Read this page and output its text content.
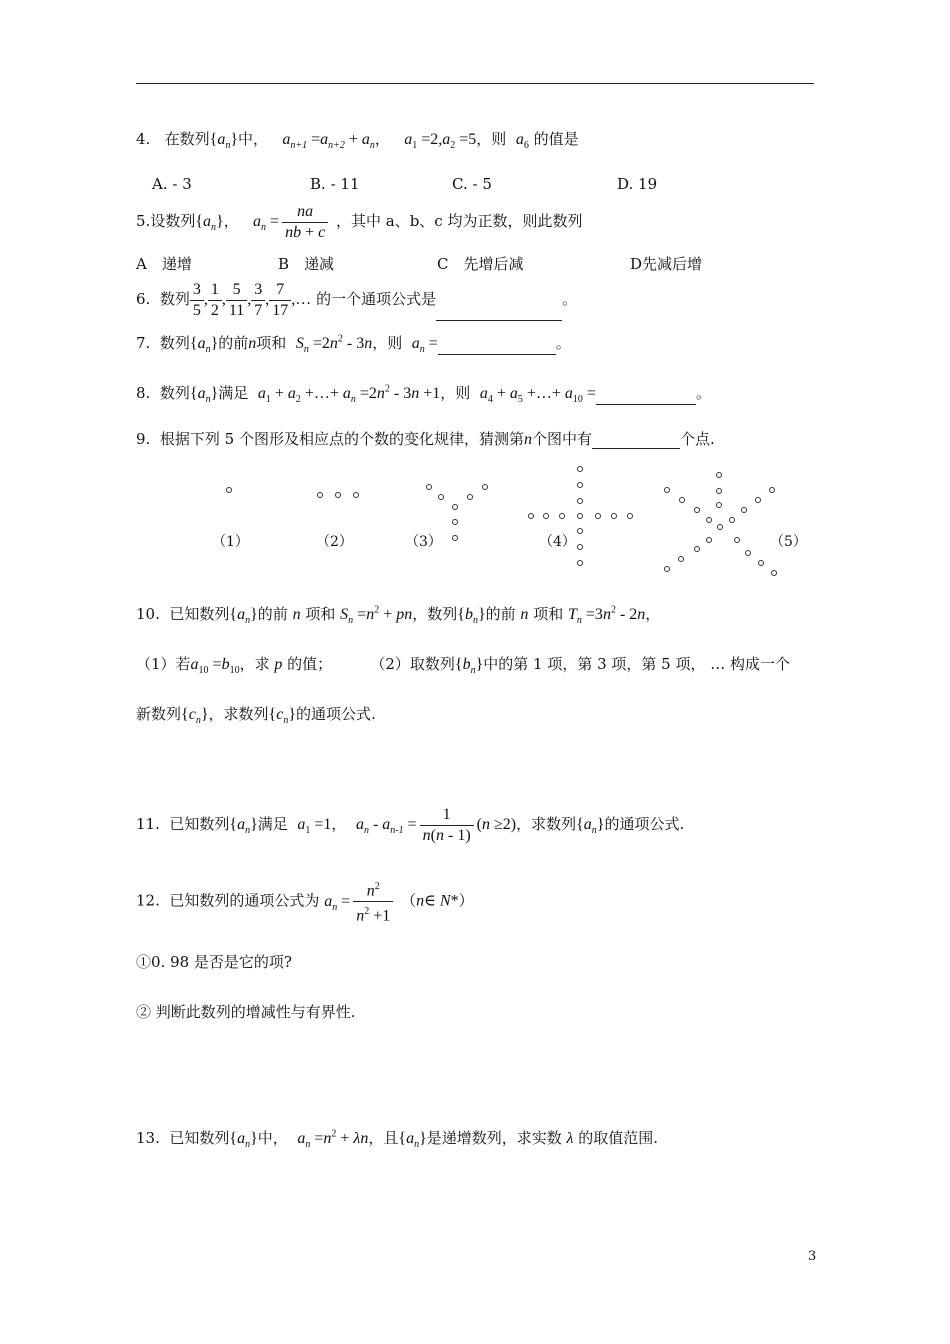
4. 在数列$\{a_n\}$中， $a_{n+1} =a_{n+2} + a_n$， $a_1 =2,a_2 =5$，则 $a_6$ 的值是
A. - 3	B. - 11	C. - 5	D. 19
5.设数列$\{a_n\}$， $a_n = \frac{na}{nb + c}$ ，其中 a、b、c 均为正数，则此数列
A　递增	B　递减	C　先增后减	D先减后增
6. 数列 $\frac{3}{5}$ , $\frac{1}{2}$ , $\frac{5}{11}$ , $\frac{3}{7}$ , $\frac{7}{17}$ ,… 的一个通项公式是	。
7. 数列$\{a_n\}$的前n项和 $S_n =2n^2 - 3n$，则 $a_n$ =	。
8. 数列$\{a_n\}$满足 $a_1 + a_2$ +…+ $a_n =2n^2 - 3n +1$，则 $a_4 + a_5$ +…+ $a_{10}$ =	。
9. 根据下列 5 个图形及相应点的个数的变化规律，猜测第n个图中有	个点.
（1）	（2）	（3）	（4）	（5）
10. 已知数列$\{a_n\}$的前 n 项和 $S_n =n^2$ + pn，数列$\{b_n\}$的前 n 项和 $T_n =3n^2 - 2n$，
（1）若$a_{10} =b_{10}$，求 p 的值；	（2）取数列$\{b_n\}$中的第 1 项，第 3 项，第 5 项， … 构成一个
新数列$\{c_n\}$，求数列$\{c_n\}$的通项公式.
11. 已知数列$\{a_n\}$满足 $a_1 =1$， $a_n - a_{n-1} = \frac{1}{n(n - 1)} (n \ge 2)$，求数列$\{a_n\}$的通项公式.
12. 已知数列的通项公式为 $a_n = \frac{n^2}{n^2 +1}$ （n∈ N*）
①0. 98 是否是它的项?
② 判断此数列的增减性与有界性.
13. 已知数列$\{a_n\}$中， $a_n =n^2 + \lambda n$，且$\{a_n\}$是递增数列，求实数 λ 的取值范围.
3
